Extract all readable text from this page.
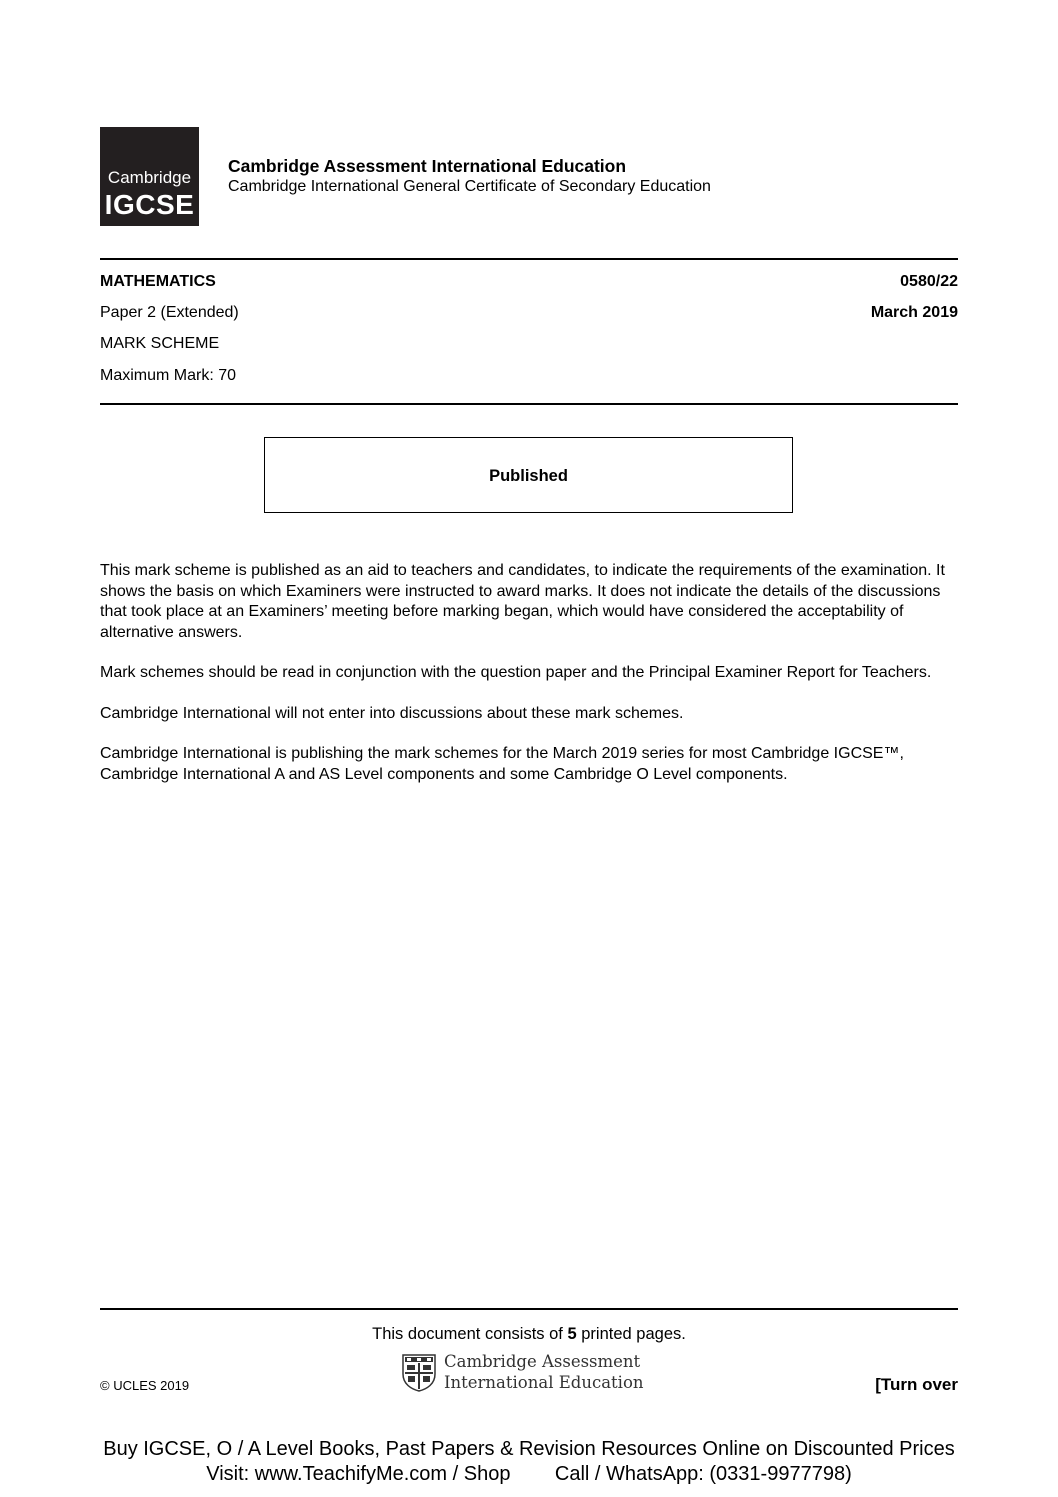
Cambridge
IGCSE
Cambridge Assessment International Education
Cambridge International General Certificate of Secondary Education
MATHEMATICS	0580/22
Paper 2 (Extended)	March 2019
MARK SCHEME
Maximum Mark: 70
Published

This mark scheme is published as an aid to teachers and candidates, to indicate the requirements of the examination. It shows the basis on which Examiners were instructed to award marks. It does not indicate the details of the discussions that took place at an Examiners’ meeting before marking began, which would have considered the acceptability of alternative answers.

Mark schemes should be read in conjunction with the question paper and the Principal Examiner Report for Teachers.

Cambridge International will not enter into discussions about these mark schemes.

Cambridge International is publishing the mark schemes for the March 2019 series for most Cambridge IGCSE™, Cambridge International A and AS Level components and some Cambridge O Level components.

This document consists of 5 printed pages.
© UCLES 2019
Cambridge Assessment
International Education	[Turn over
Buy IGCSE, O / A Level Books, Past Papers & Revision Resources Online on Discounted Prices
Visit: www.TeachifyMe.com / Shop        Call / WhatsApp: (0331-9977798)
